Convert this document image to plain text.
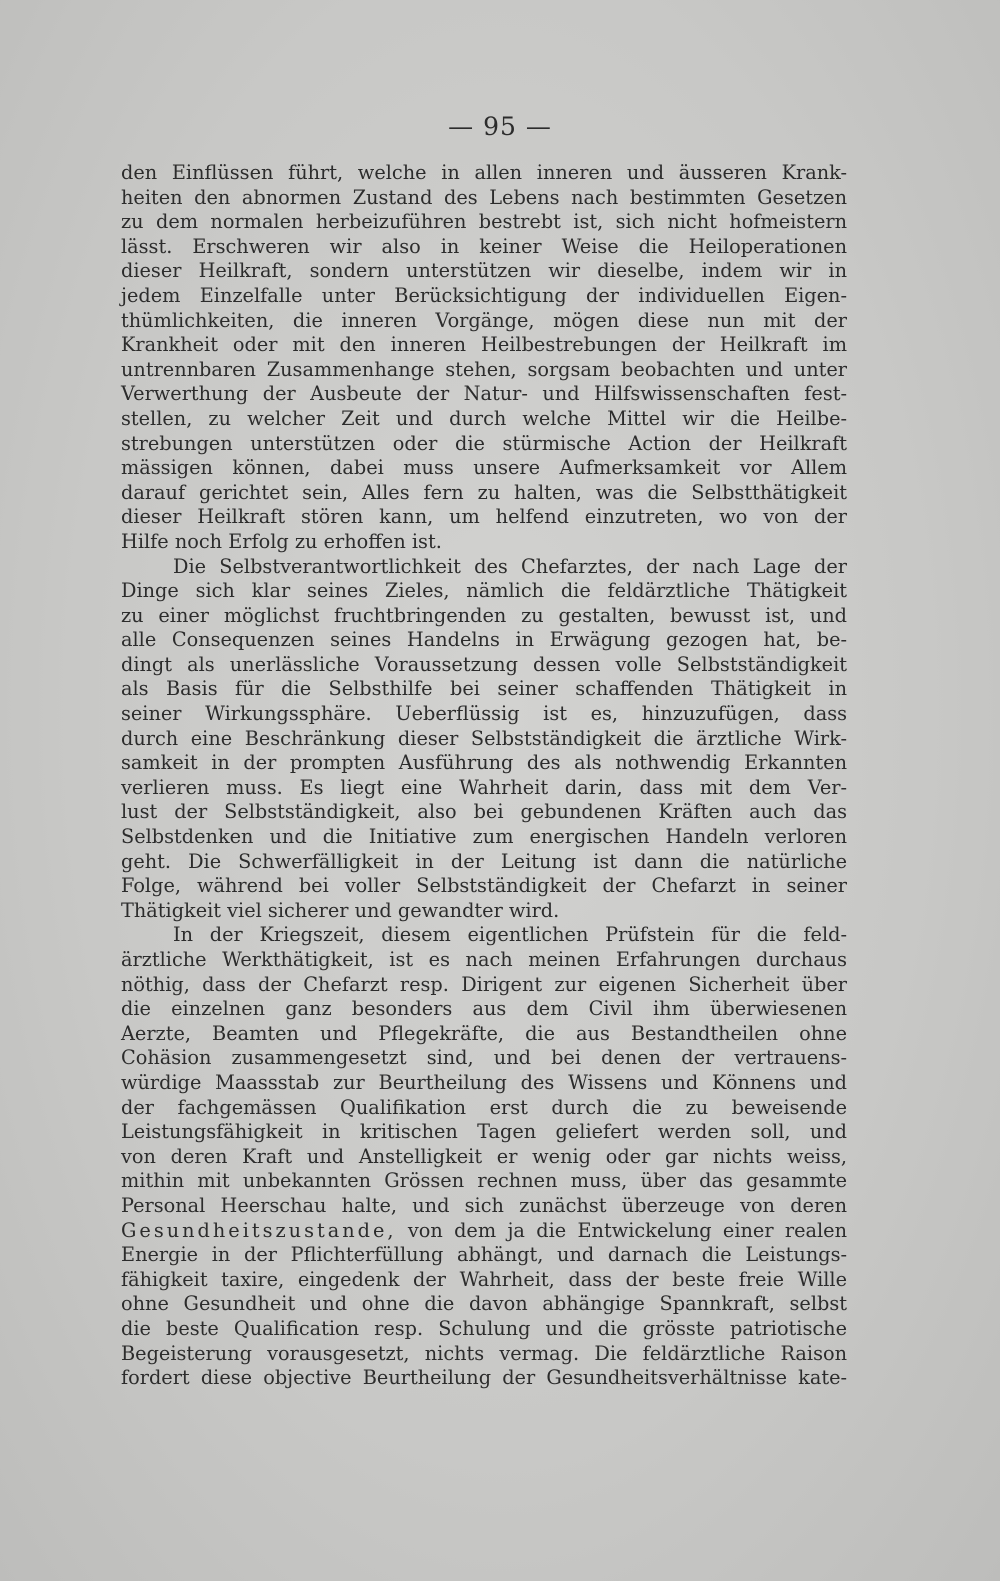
— 95 —
den Einflüssen führt, welche in allen inneren und äusseren Krank-
heiten den abnormen Zustand des Lebens nach bestimmten Gesetzen
zu dem normalen herbeizuführen bestrebt ist, sich nicht hofmeistern
lässt. Erschweren wir also in keiner Weise die Heiloperationen
dieser Heilkraft, sondern unterstützen wir dieselbe, indem wir in
jedem Einzelfalle unter Berücksichtigung der individuellen Eigen-
thümlichkeiten, die inneren Vorgänge, mögen diese nun mit der
Krankheit oder mit den inneren Heilbestrebungen der Heilkraft im
untrennbaren Zusammenhange stehen, sorgsam beobachten und unter
Verwerthung der Ausbeute der Natur- und Hilfswissenschaften fest-
stellen, zu welcher Zeit und durch welche Mittel wir die Heilbe-
strebungen unterstützen oder die stürmische Action der Heilkraft
mässigen können, dabei muss unsere Aufmerksamkeit vor Allem
darauf gerichtet sein, Alles fern zu halten, was die Selbstthätigkeit
dieser Heilkraft stören kann, um helfend einzutreten, wo von der
Hilfe noch Erfolg zu erhoffen ist.
Die Selbstverantwortlichkeit des Chefarztes, der nach Lage der
Dinge sich klar seines Zieles, nämlich die feldärztliche Thätigkeit
zu einer möglichst fruchtbringenden zu gestalten, bewusst ist, und
alle Consequenzen seines Handelns in Erwägung gezogen hat, be-
dingt als unerlässliche Voraussetzung dessen volle Selbstständigkeit
als Basis für die Selbsthilfe bei seiner schaffenden Thätigkeit in
seiner Wirkungssphäre. Ueberflüssig ist es, hinzuzufügen, dass
durch eine Beschränkung dieser Selbstständigkeit die ärztliche Wirk-
samkeit in der prompten Ausführung des als nothwendig Erkannten
verlieren muss. Es liegt eine Wahrheit darin, dass mit dem Ver-
lust der Selbstständigkeit, also bei gebundenen Kräften auch das
Selbstdenken und die Initiative zum energischen Handeln verloren
geht. Die Schwerfälligkeit in der Leitung ist dann die natürliche
Folge, während bei voller Selbstständigkeit der Chefarzt in seiner
Thätigkeit viel sicherer und gewandter wird.
In der Kriegszeit, diesem eigentlichen Prüfstein für die feld-
ärztliche Werkthätigkeit, ist es nach meinen Erfahrungen durchaus
nöthig, dass der Chefarzt resp. Dirigent zur eigenen Sicherheit über
die einzelnen ganz besonders aus dem Civil ihm überwiesenen
Aerzte, Beamten und Pflegekräfte, die aus Bestandtheilen ohne
Cohäsion zusammengesetzt sind, und bei denen der vertrauens-
würdige Maassstab zur Beurtheilung des Wissens und Könnens und
der fachgemässen Qualifikation erst durch die zu beweisende
Leistungsfähigkeit in kritischen Tagen geliefert werden soll, und
von deren Kraft und Anstelligkeit er wenig oder gar nichts weiss,
mithin mit unbekannten Grössen rechnen muss, über das gesammte
Personal Heerschau halte, und sich zunächst überzeuge von deren
Gesundheitszustande, von dem ja die Entwickelung einer realen
Energie in der Pflichterfüllung abhängt, und darnach die Leistungs-
fähigkeit taxire, eingedenk der Wahrheit, dass der beste freie Wille
ohne Gesundheit und ohne die davon abhängige Spannkraft, selbst
die beste Qualification resp. Schulung und die grösste patriotische
Begeisterung vorausgesetzt, nichts vermag. Die feldärztliche Raison
fordert diese objective Beurtheilung der Gesundheitsverhältnisse kate-
